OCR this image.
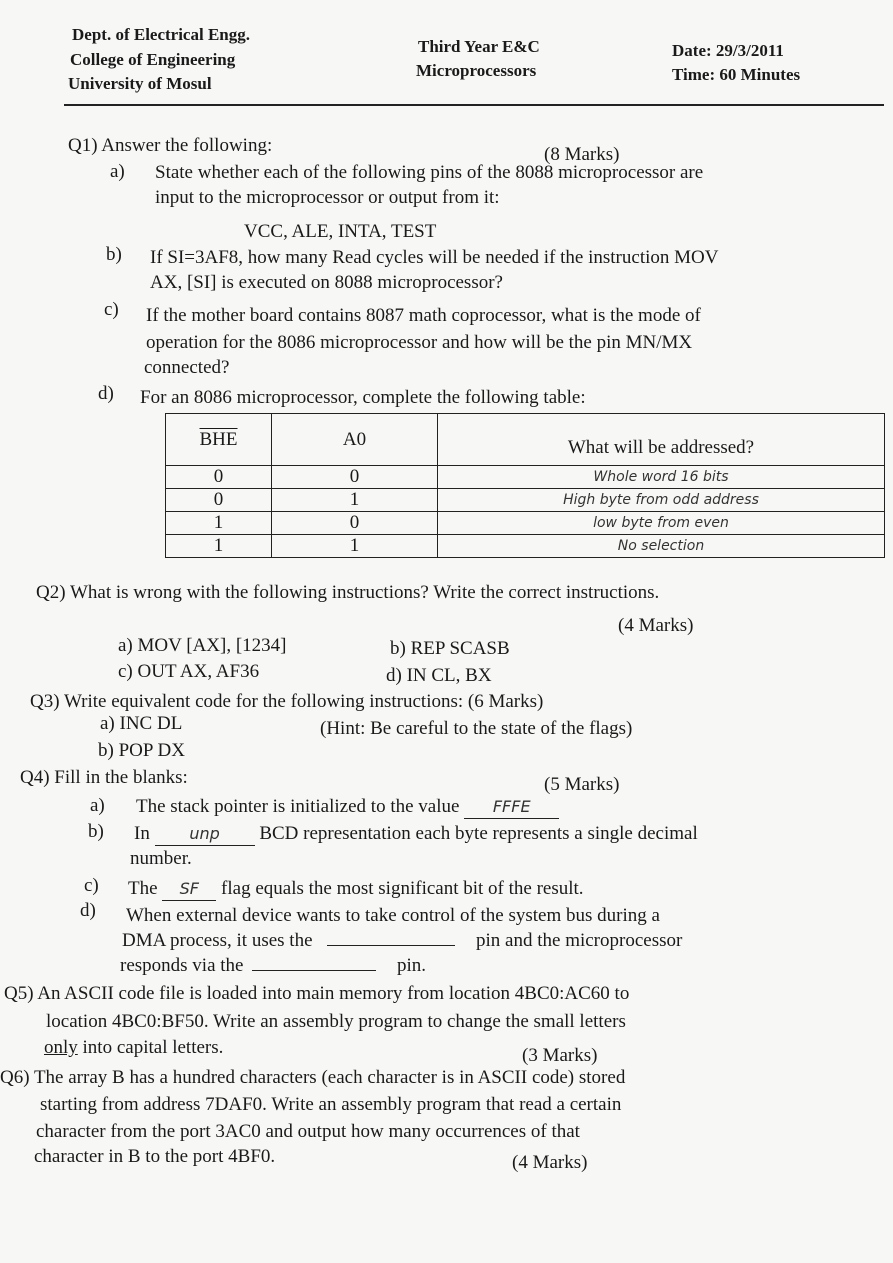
Dept. of Electrical Engg.
College of Engineering
University of Mosul
Third Year E&C
Microprocessors
Date: 29/3/2011
Time: 60 Minutes
Q1) Answer the following:	(8 Marks)
a) State whether each of the following pins of the 8088 microprocessor are
input to the microprocessor or output from it:
VCC, ALE, INTA, TEST
b) If SI=3AF8, how many Read cycles will be needed if the instruction MOV
AX, [SI] is executed on 8088 microprocessor?
c) If the mother board contains 8087 math coprocessor, what is the mode of
operation for the 8086 microprocessor and how will be the pin MN/MX
connected?
d) For an 8086 microprocessor, complete the following table:
$\overline{BHE}$	A0	What will be addressed?
0	0	Whole word 16 bits
0	1	High byte from odd address
1	0	low byte from even
1	1	No selection
Q2) What is wrong with the following instructions? Write the correct instructions.
(4 Marks)
a) MOV [AX], [1234]	b) REP SCASB
c) OUT AX, AF36	d) IN CL, BX
Q3) Write equivalent code for the following instructions: (6 Marks)
a) INC DL	(Hint: Be careful to the state of the flags)
b) POP DX
Q4) Fill in the blanks:	(5 Marks)
a) The stack pointer is initialized to the value FFFE
b) In unp BCD representation each byte represents a single decimal
number.
c) The SF flag equals the most significant bit of the result.
d) When external device wants to take control of the system bus during a
DMA process, it uses the	pin and the microprocessor
responds via the	pin.
Q5) An ASCII code file is loaded into main memory from location 4BC0:AC60 to
location 4BC0:BF50. Write an assembly program to change the small letters
only into capital letters.	(3 Marks)
Q6) The array B has a hundred characters (each character is in ASCII code) stored
starting from address 7DAF0. Write an assembly program that read a certain
character from the port 3AC0 and output how many occurrences of that
character in B to the port 4BF0.	(4 Marks)
